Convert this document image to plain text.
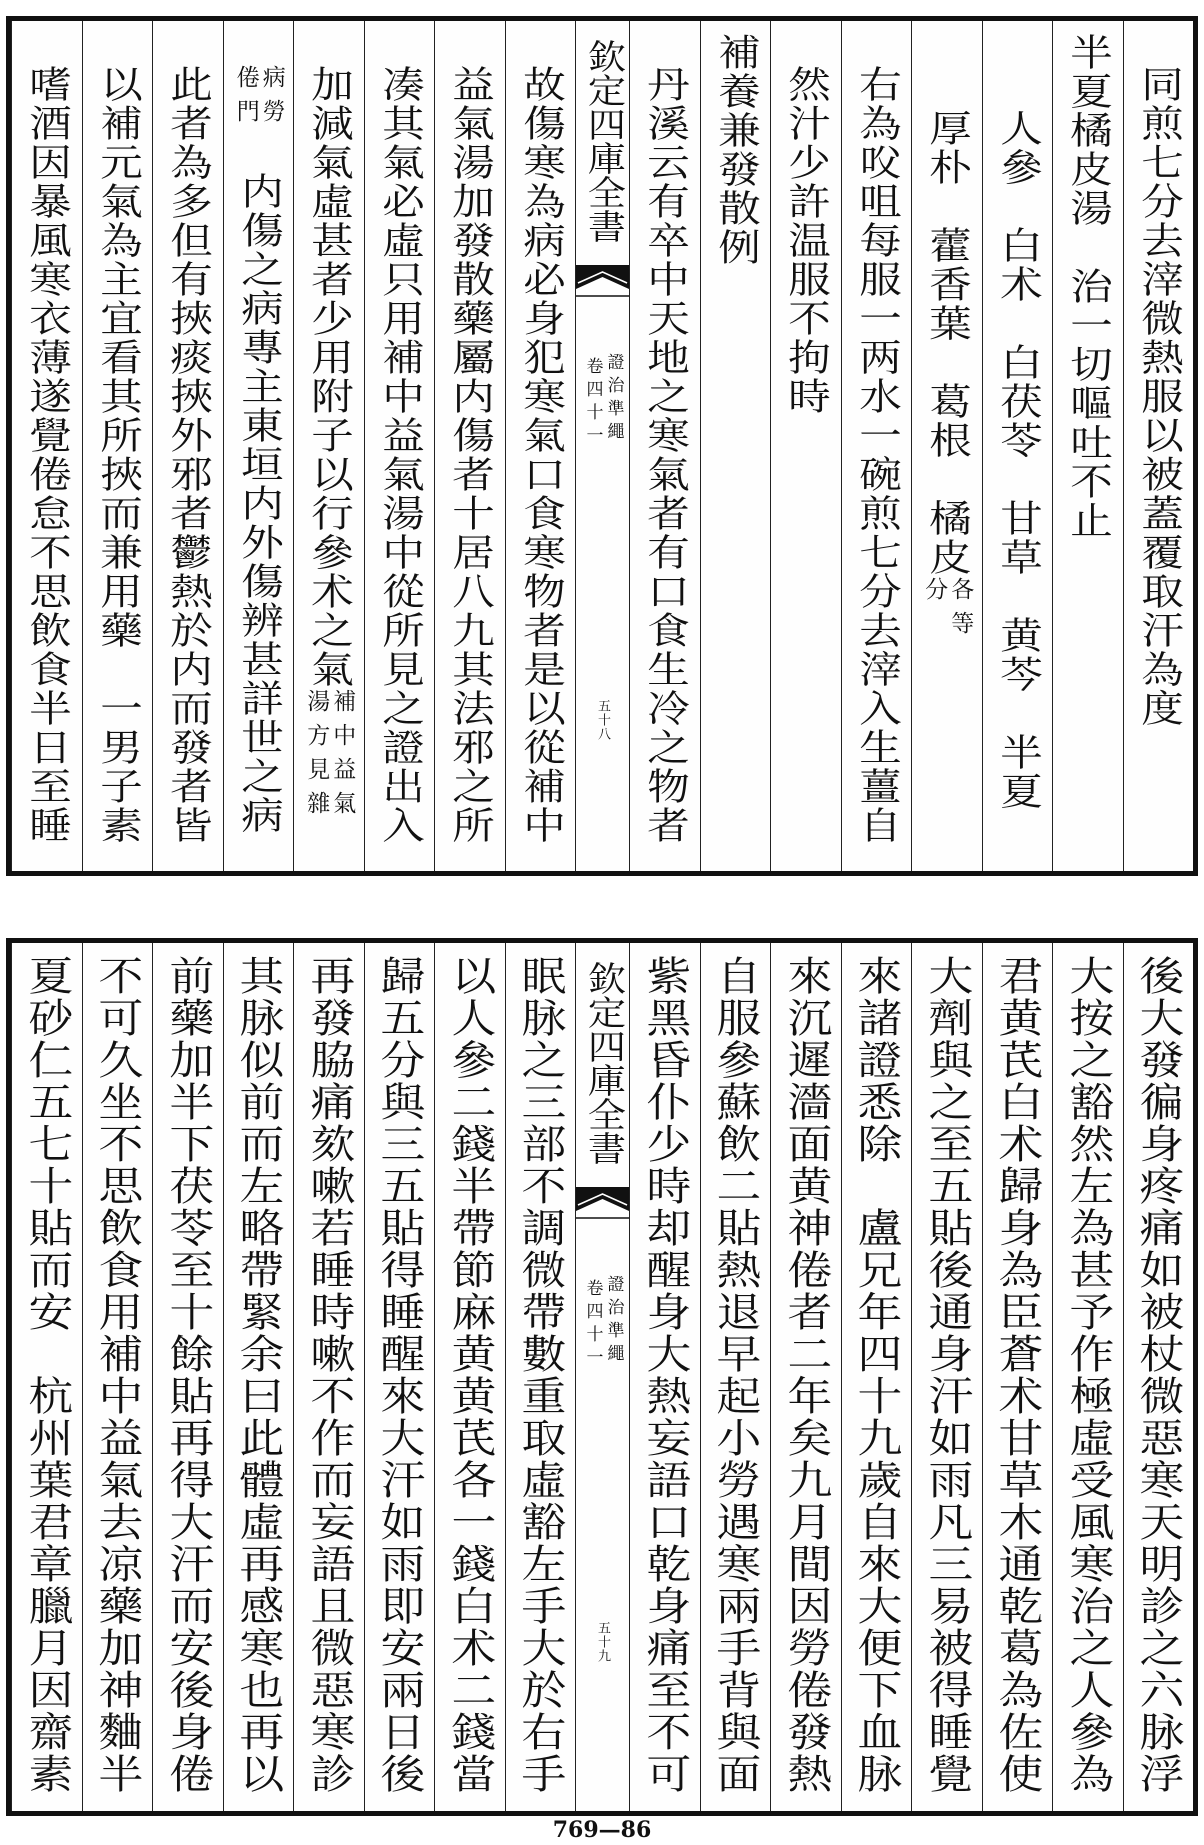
同煎七分去滓微熱服以被蓋覆取汗為度
半夏橘皮湯　治一切嘔吐不止
人參　白术　白茯苓　甘草　黄芩　半夏
厚朴　藿香葉　葛根　橘皮
各等
分
右為㕮咀每服一两水一碗煎七分去滓入生薑自
然汁少許温服不拘時
補養兼發散例
丹溪云有卒中天地之寒氣者有口食生冷之物者
欽定四庫全書
證治準繩
卷四十一
五十八
故傷寒為病必身犯寒氣口食寒物者是以從補中
益氣湯加發散藥屬内傷者十居八九其法邪之所
凑其氣必虛只用補中益氣湯中從所見之證出入
加減氣虛甚者少用附子以行參术之氣
補中益氣
湯方見雜
病勞
倦門
　内傷之病專主東垣内外傷辨甚詳世之病
此者為多但有挾痰挾外邪者鬱熱於内而發者皆
以補元氣為主宜看其所挾而兼用藥　一男子素
嗜酒因暴風寒衣薄遂覺倦怠不思飲食半日至睡
後大發徧身疼痛如被杖微惡寒天明診之六脉浮
大按之豁然左為甚予作極虛受風寒治之人參為
君黄芪白术歸身為臣蒼术甘草木通乾葛為佐使
大劑與之至五貼後通身汗如雨凡三易被得睡覺
來諸證悉除　盧兄年四十九歲自來大便下血脉
來沉遲濇面黄神倦者二年矣九月間因勞倦發熱
自服參蘇飲二貼熱退早起小勞遇寒兩手背與面
紫黑昏仆少時却醒身大熱妄語口乾身痛至不可
欽定四庫全書
證治準繩
卷四十一
五十九
眠脉之三部不調微帶數重取虛豁左手大於右手
以人參二錢半帶節麻黄黄芪各一錢白术二錢當
歸五分與三五貼得睡醒來大汗如雨即安兩日後
再發脇痛欬嗽若睡時嗽不作而妄語且微惡寒診
其脉似前而左略帶緊余曰此體虛再感寒也再以
前藥加半下茯苓至十餘貼再得大汗而安後身倦
不可久坐不思飲食用補中益氣去凉藥加神麯半
夏砂仁五七十貼而安　杭州葉君章臘月因齋素
769—86
